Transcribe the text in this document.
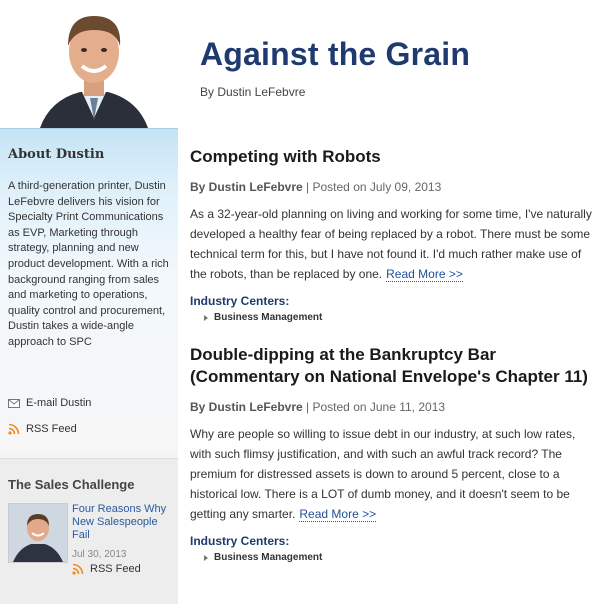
Against the Grain
By Dustin LeFebvre
About Dustin
A third-generation printer, Dustin LeFebvre delivers his vision for Specialty Print Communications as EVP, Marketing through strategy, planning and new product development. With a rich background ranging from sales and marketing to operations, quality control and procurement, Dustin takes a wide-angle approach to SPC
E-mail Dustin
RSS Feed
The Sales Challenge
Four Reasons Why New Salespeople Fail
Jul 30, 2013
RSS Feed
Competing with Robots
By Dustin LeFebvre | Posted on July 09, 2013
As a 32-year-old planning on living and working for some time, I've naturally developed a healthy fear of being replaced by a robot. There must be some technical term for this, but I have not found it. I'd much rather make use of the robots, than be replaced by one. Read More >>
Industry Centers:
Business Management
Double-dipping at the Bankruptcy Bar (Commentary on National Envelope's Chapter 11)
By Dustin LeFebvre | Posted on June 11, 2013
Why are people so willing to issue debt in our industry, at such low rates, with such flimsy justification, and with such an awful track record? The premium for distressed assets is down to around 5 percent, close to a historical low. There is a LOT of dumb money, and it doesn't seem to be getting any smarter. Read More >>
Industry Centers:
Business Management
